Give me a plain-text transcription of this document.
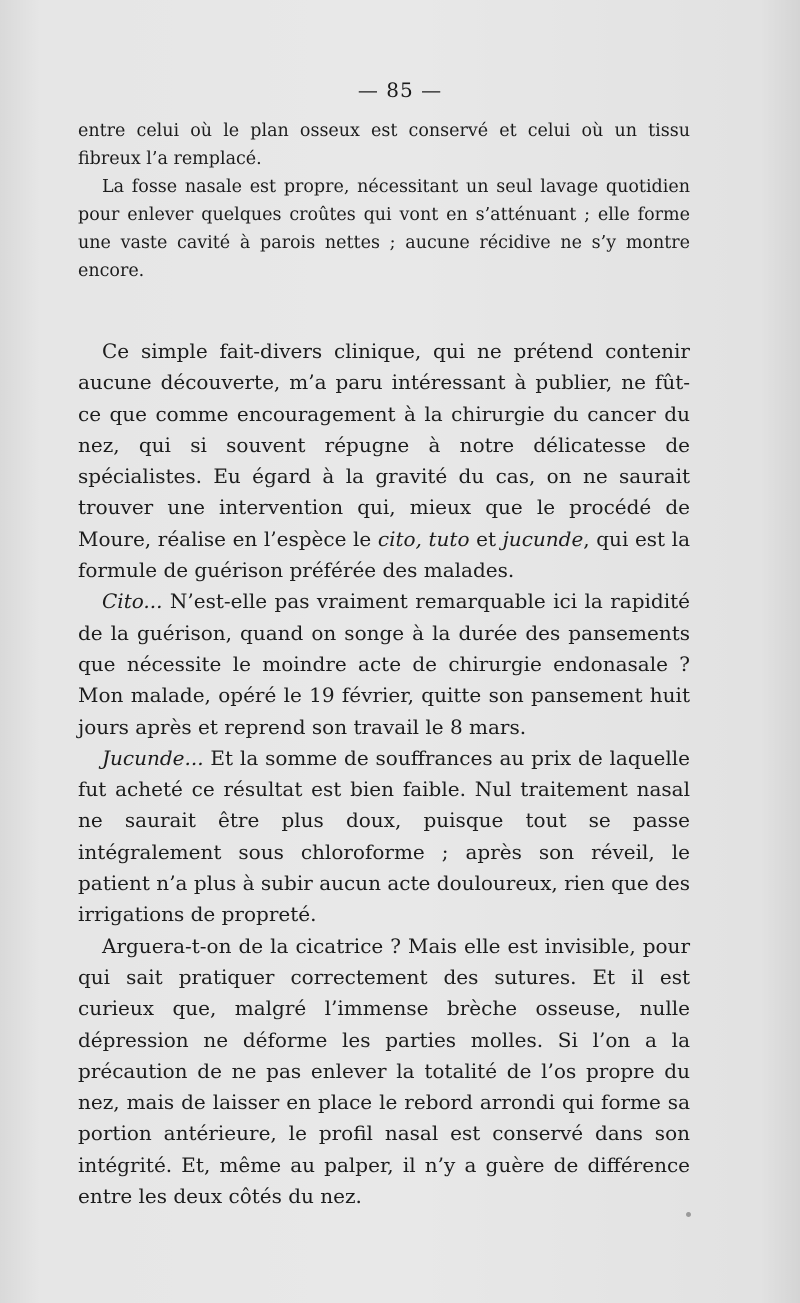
— 85 —

entre celui où le plan osseux est conservé et celui où un tissu fibreux l’a remplacé.

La fosse nasale est propre, nécessitant un seul lavage quotidien pour enlever quelques croûtes qui vont en s’atténuant ; elle forme une vaste cavité à parois nettes ; aucune récidive ne s’y montre encore.

Ce simple fait-divers clinique, qui ne prétend contenir aucune découverte, m’a paru intéressant à publier, ne fût-ce que comme encouragement à la chirurgie du cancer du nez, qui si souvent répugne à notre délicatesse de spécialistes. Eu égard à la gravité du cas, on ne saurait trouver une intervention qui, mieux que le procédé de Moure, réalise en l’espèce le cito, tuto et jucunde, qui est la formule de guérison préférée des malades.

Cito... N’est-elle pas vraiment remarquable ici la rapidité de la guérison, quand on songe à la durée des pansements que nécessite le moindre acte de chirurgie endonasale ? Mon malade, opéré le 19 février, quitte son pansement huit jours après et reprend son travail le 8 mars.

Jucunde... Et la somme de souffrances au prix de laquelle fut acheté ce résultat est bien faible. Nul traitement nasal ne saurait être plus doux, puisque tout se passe intégralement sous chloroforme ; après son réveil, le patient n’a plus à subir aucun acte douloureux, rien que des irrigations de propreté.

Arguera-t-on de la cicatrice ? Mais elle est invisible, pour qui sait pratiquer correctement des sutures. Et il est curieux que, malgré l’immense brèche osseuse, nulle dépression ne déforme les parties molles. Si l’on a la précaution de ne pas enlever la totalité de l’os propre du nez, mais de laisser en place le rebord arrondi qui forme sa portion antérieure, le profil nasal est conservé dans son intégrité. Et, même au palper, il n’y a guère de différence entre les deux côtés du nez.
